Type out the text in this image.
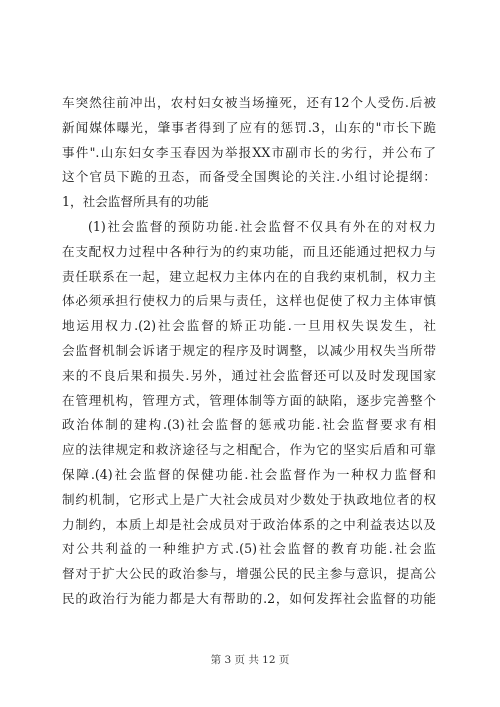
车突然往前冲出，农村妇女被当场撞死，还有12个人受伤.后被
新闻媒体曝光，肇事者得到了应有的惩罚.3，山东的"市长下跪
事件".山东妇女李玉春因为举报XX市副市长的劣行，并公布了
这个官员下跪的丑态，而备受全国舆论的关注.小组讨论提纲：
1，社会监督所具有的功能
(1)社会监督的预防功能.社会监督不仅具有外在的对权力
在支配权力过程中各种行为的约束功能，而且还能通过把权力与
责任联系在一起，建立起权力主体内在的自我约束机制，权力主
体必须承担行使权力的后果与责任，这样也促使了权力主体审慎
地运用权力.(2)社会监督的矫正功能.一旦用权失误发生，社
会监督机制会诉诸于规定的程序及时调整，以减少用权失当所带
来的不良后果和损失.另外，通过社会监督还可以及时发现国家
在管理机构，管理方式，管理体制等方面的缺陷，逐步完善整个
政治体制的建构.(3)社会监督的惩戒功能.社会监督要求有相
应的法律规定和救济途径与之相配合，作为它的坚实后盾和可靠
保障.(4)社会监督的保健功能.社会监督作为一种权力监督和
制约机制，它形式上是广大社会成员对少数处于执政地位者的权
力制约，本质上却是社会成员对于政治体系的之中利益表达以及
对公共利益的一种维护方式.(5)社会监督的教育功能.社会监
督对于扩大公民的政治参与，增强公民的民主参与意识，提高公
民的政治行为能力都是大有帮助的.2，如何发挥社会监督的功能
第 3 页 共 12 页
